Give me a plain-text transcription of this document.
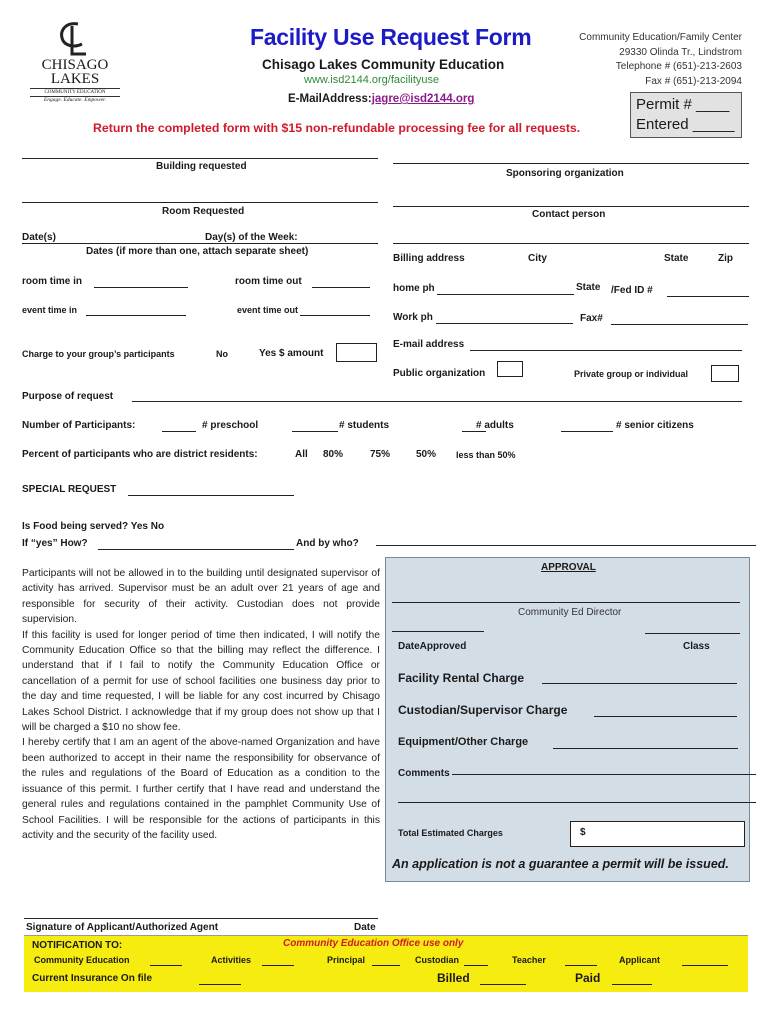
CHISAGO
LAKES
COMMUNITY EDUCATION
Engage. Educate. Empower.
Facility Use Request Form
Chisago Lakes Community Education
www.isd2144.org/facilityuse
E-MailAddress:jagre@isd2144.org
Community Education/Family Center
29330 Olinda Tr., Lindstrom
Telephone # (651)-213-2603
Fax # (651)-213-2094
Permit # ____
Entered _____
Return the completed form with $15 non-refundable processing fee for all requests.
Building requested
Room Requested
Date(s)	Day(s) of the Week:
Dates (if more than one, attach separate sheet)
room time in	room time out
event time in	event time out
Charge to your group’s participants	No	Yes $ amount
Sponsoring organization
Contact person
Billing address	City	State	Zip
home ph	State /Fed ID #
Work ph	Fax#
E-mail address
Public organization	Private group or individual
Purpose of request
Number of Participants:	# preschool	# students	# adults	# senior citizens
Percent of participants who are district residents:	All 80%	75%	50% less than 50%
SPECIAL REQUEST
Is Food being served? Yes No
If “yes” How?	And by who?

Participants will not be allowed in to the building until designated supervisor of activity has arrived. Supervisor must be an adult over 21 years of age and responsible for security of their activity. Custodian does not provide supervision.

If this facility is used for longer period of time then indicated, I will notify the Community Education Office so that the billing may reflect the difference. I understand that if I fail to notify the Community Education Office or cancellation of a permit for use of school facilities one business day prior to the day and time requested, I will be liable for any cost incurred by Chisago Lakes School District. I acknowledge that if my group does not show up that I will be charged a $10 no show fee.

I hereby certify that I am an agent of the above-named Organization and have been authorized to accept in their name the responsibility for observance of the rules and regulations of the Board of Education as a condition to the issuance of this permit. I further certify that I have read and understand the general rules and regulations contained in the pamphlet Community Use of School Facilities. I will be responsible for the actions of participants in this activity and the security of the facility used.

APPROVAL
Community Ed Director
DateApproved	Class
Facility Rental Charge
Custodian/Supervisor Charge
Equipment/Other Charge
Comments
Total Estimated Charges	$
An application is not a guarantee a permit will be issued.
Signature of Applicant/Authorized Agent	Date
NOTIFICATION TO:	Community Education Office use only
Community Education	Activities	Principal	Custodian	Teacher	Applicant
Current Insurance On file	Billed	Paid
